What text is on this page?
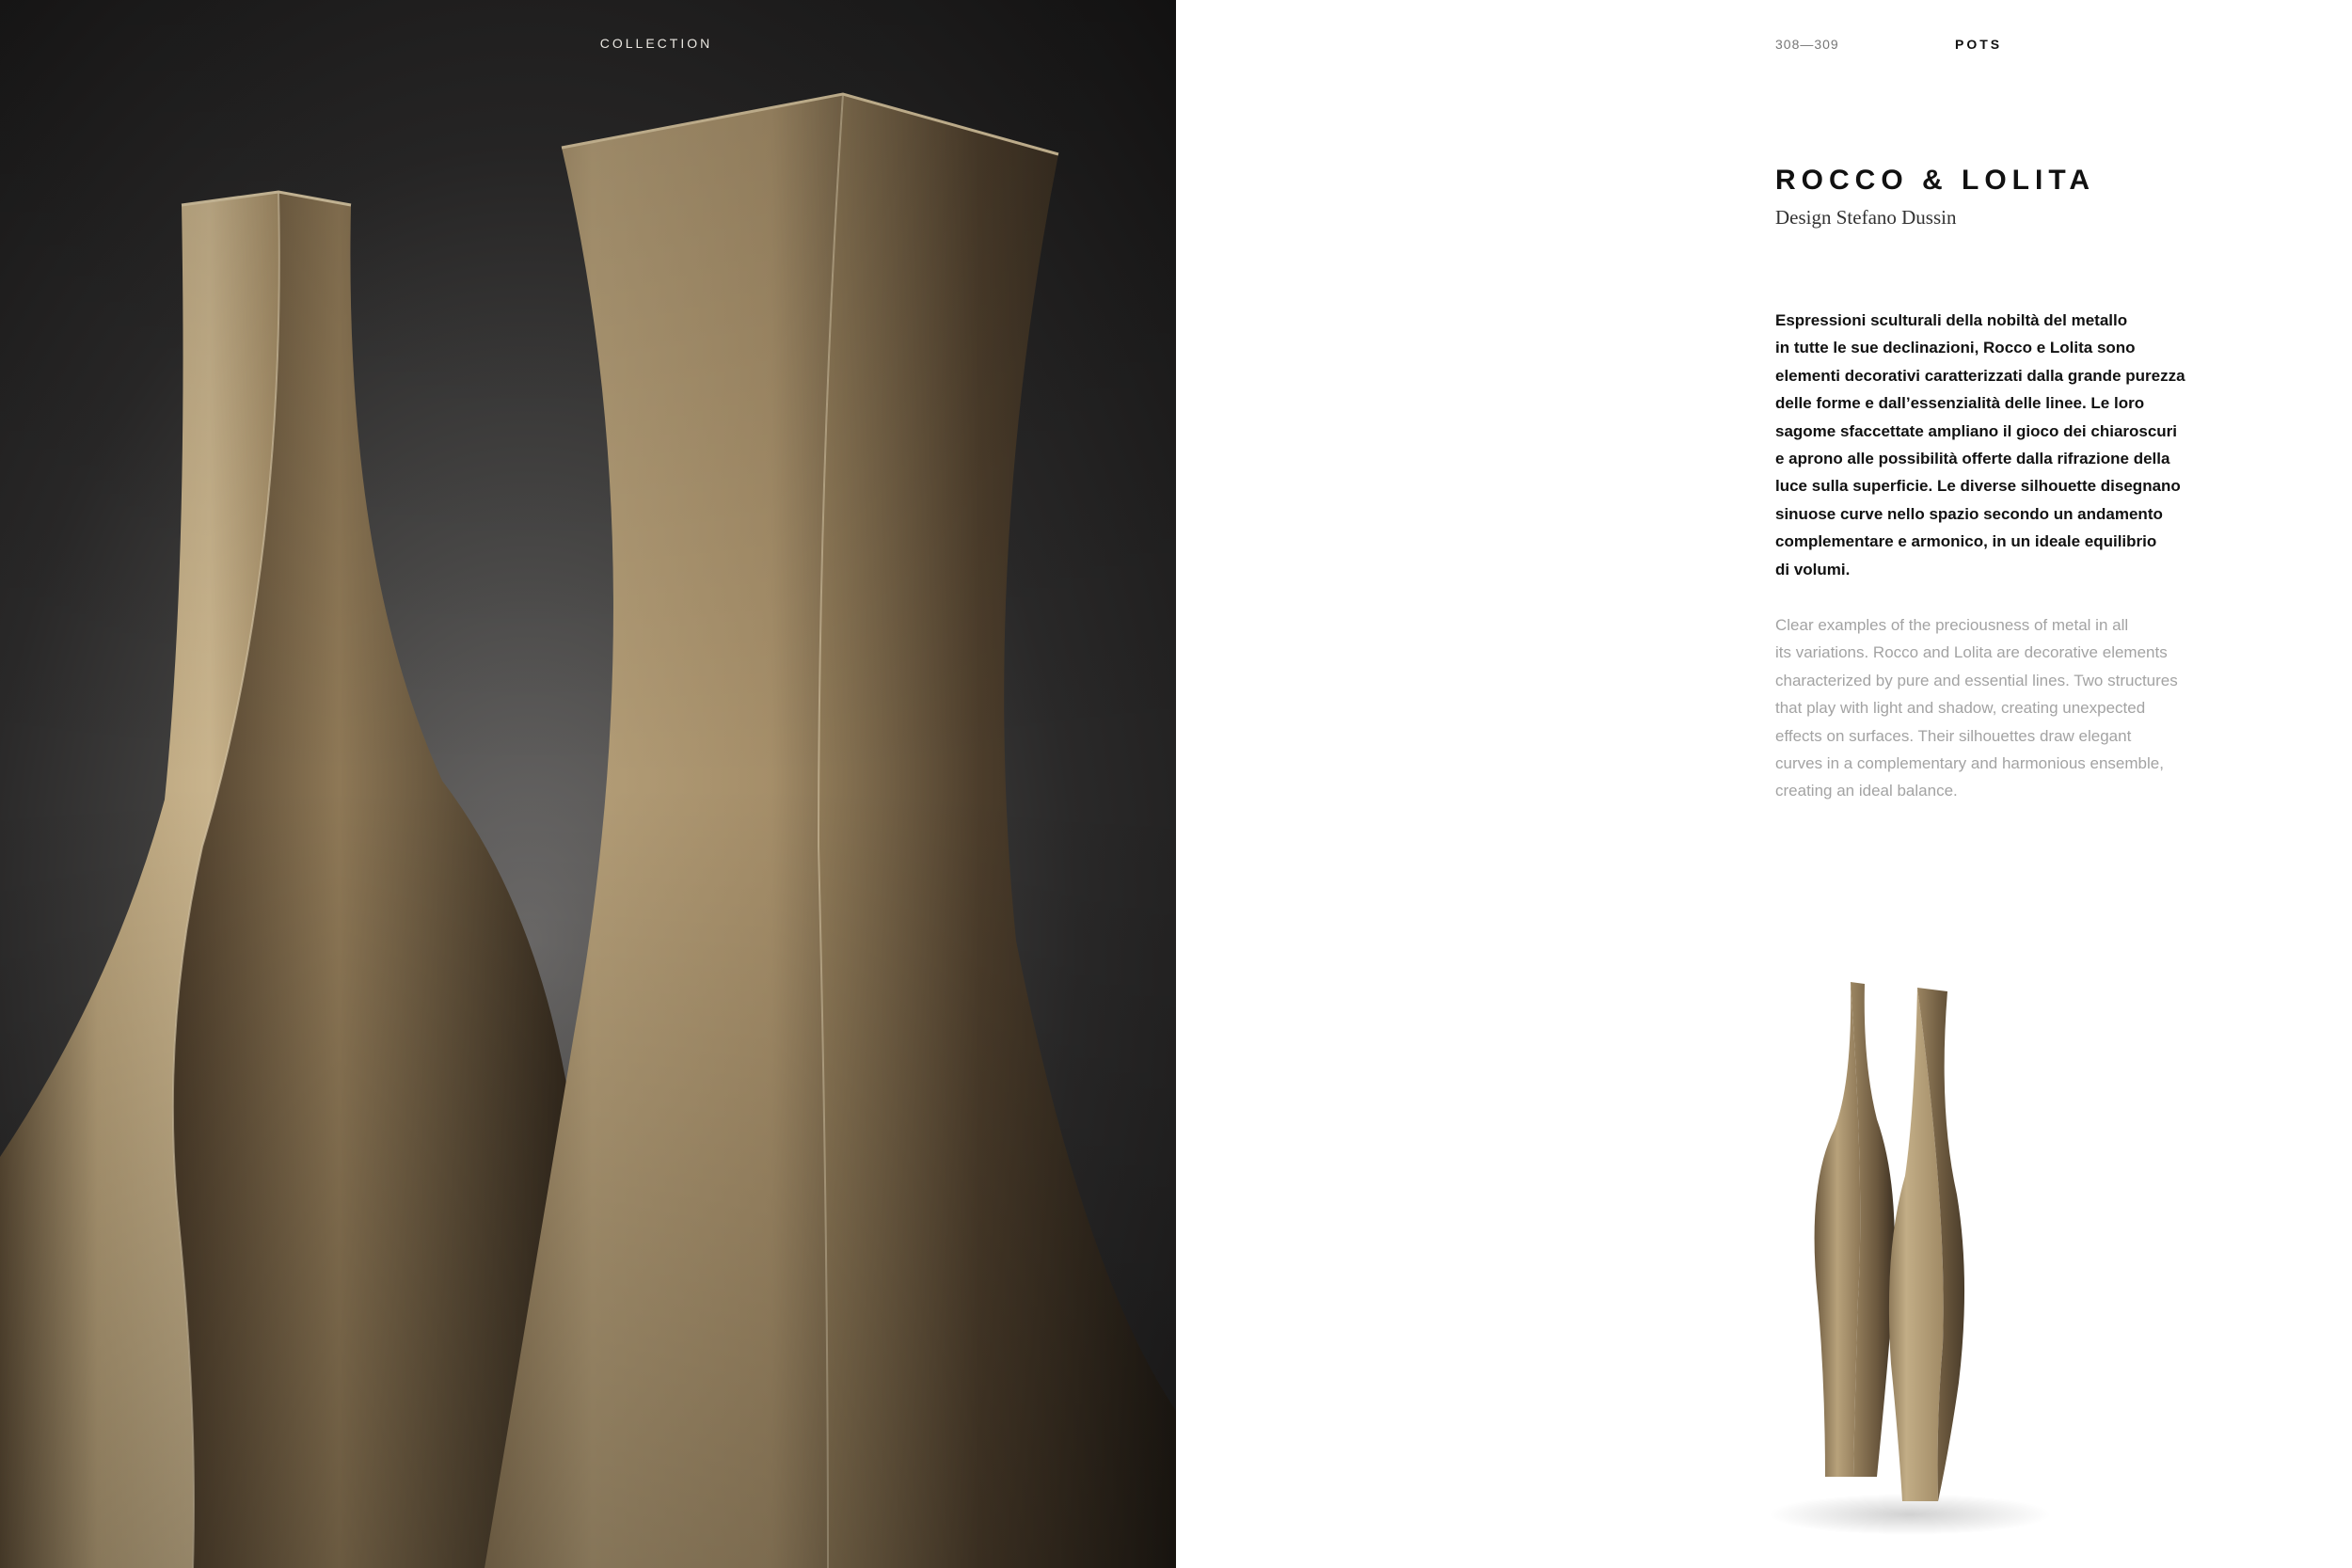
COLLECTION	308—309	POTS
ROCCO & LOLITA
Design Stefano Dussin

Espressioni sculturali della nobiltà del metallo
in tutte le sue declinazioni, Rocco e Lolita sono
elementi decorativi caratterizzati dalla grande purezza
delle forme e dall’essenzialità delle linee. Le loro
sagome sfaccettate ampliano il gioco dei chiaroscuri
e aprono alle possibilità offerte dalla rifrazione della
luce sulla superficie. Le diverse silhouette disegnano
sinuose curve nello spazio secondo un andamento
complementare e armonico, in un ideale equilibrio
di volumi.

Clear examples of the preciousness of metal in all
its variations. Rocco and Lolita are decorative elements
characterized by pure and essential lines. Two structures
that play with light and shadow, creating unexpected
effects on surfaces. Their silhouettes draw elegant
curves in a complementary and harmonious ensemble,
creating an ideal balance.
